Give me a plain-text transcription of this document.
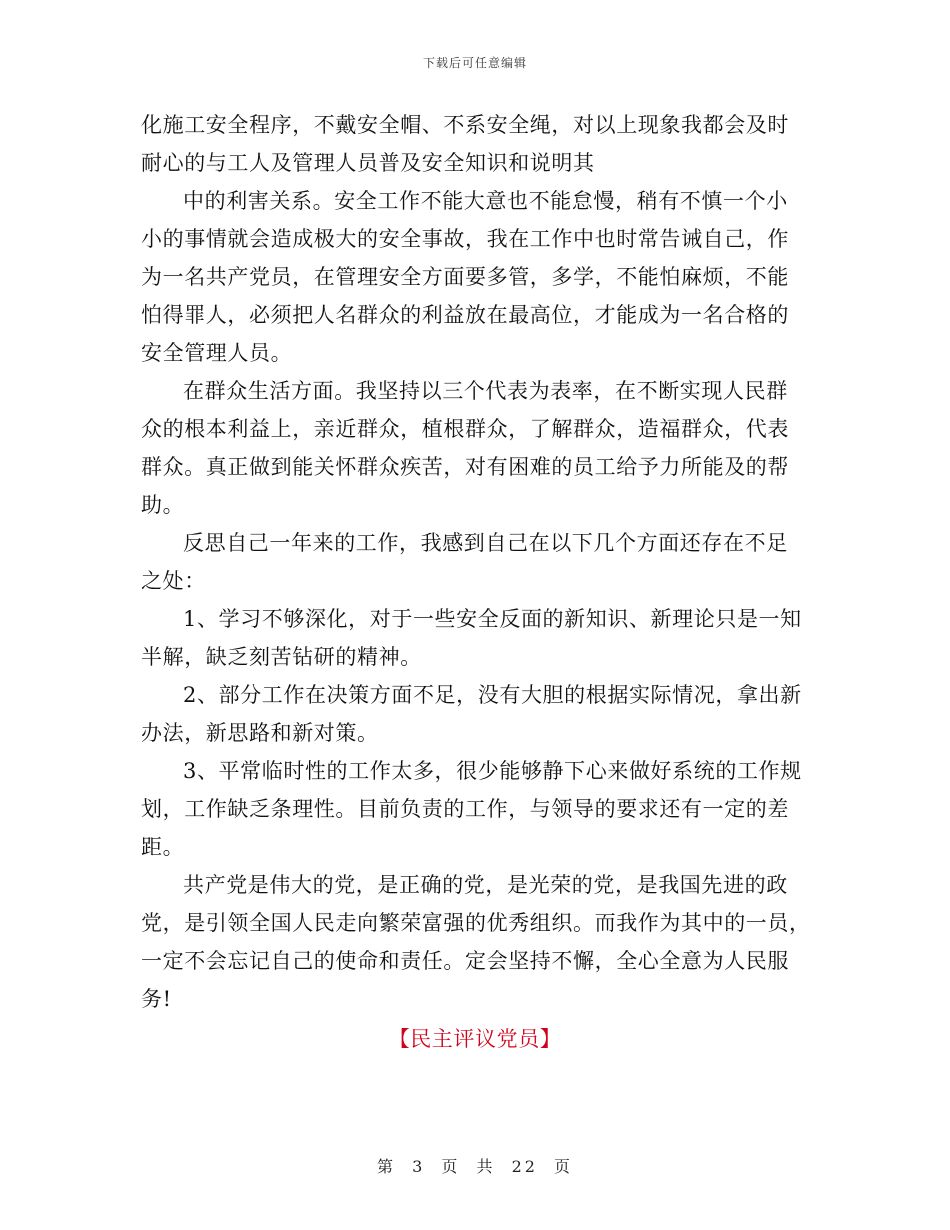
下载后可任意编辑

化施工安全程序，不戴安全帽、不系安全绳，对以上现象我都会及时
耐心的与工人及管理人员普及安全知识和说明其

中的利害关系。安全工作不能大意也不能怠慢，稍有不慎一个小
小的事情就会造成极大的安全事故，我在工作中也时常告诫自己，作
为一名共产党员，在管理安全方面要多管，多学，不能怕麻烦，不能
怕得罪人，必须把人名群众的利益放在最高位，才能成为一名合格的
安全管理人员。

在群众生活方面。我坚持以三个代表为表率，在不断实现人民群
众的根本利益上，亲近群众，植根群众，了解群众，造福群众，代表
群众。真正做到能关怀群众疾苦，对有困难的员工给予力所能及的帮
助。

反思自己一年来的工作，我感到自己在以下几个方面还存在不足
之处：

1、学习不够深化，对于一些安全反面的新知识、新理论只是一知
半解，缺乏刻苦钻研的精神。

2、部分工作在决策方面不足，没有大胆的根据实际情况，拿出新
办法，新思路和新对策。

3、平常临时性的工作太多，很少能够静下心来做好系统的工作规
划，工作缺乏条理性。目前负责的工作，与领导的要求还有一定的差
距。

共产党是伟大的党，是正确的党，是光荣的党，是我国先进的政
党，是引领全国人民走向繁荣富强的优秀组织。而我作为其中的一员，
一定不会忘记自己的使命和责任。定会坚持不懈，全心全意为人民服
务!

【民主评议党员】

第 3 页 共 22 页
